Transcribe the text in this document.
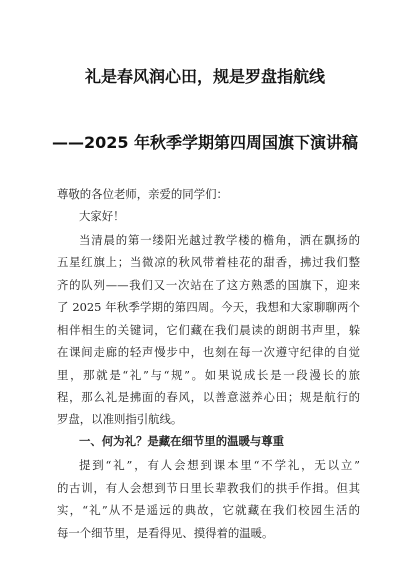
礼是春风润心田，规是罗盘指航线
——2025 年秋季学期第四周国旗下演讲稿
尊敬的各位老师，亲爱的同学们：
大家好！
当清晨的第一缕阳光越过教学楼的檐角，洒在飘扬的
五星红旗上；当微凉的秋风带着桂花的甜香，拂过我们整
齐的队列——我们又一次站在了这方熟悉的国旗下，迎来
了 2025 年秋季学期的第四周。今天，我想和大家聊聊两个
相伴相生的关键词，它们藏在我们晨读的朗朗书声里，躲
在课间走廊的轻声慢步中，也刻在每一次遵守纪律的自觉
里，那就是“礼”与“规”。如果说成长是一段漫长的旅
程，那么礼是拂面的春风，以善意滋养心田；规是航行的
罗盘，以准则指引航线。
一、何为礼？是藏在细节里的温暖与尊重
提到“礼”，有人会想到课本里“不学礼，无以立”
的古训，有人会想到节日里长辈教我们的拱手作揖。但其
实，“礼”从不是遥远的典故，它就藏在我们校园生活的
每一个细节里，是看得见、摸得着的温暖。
